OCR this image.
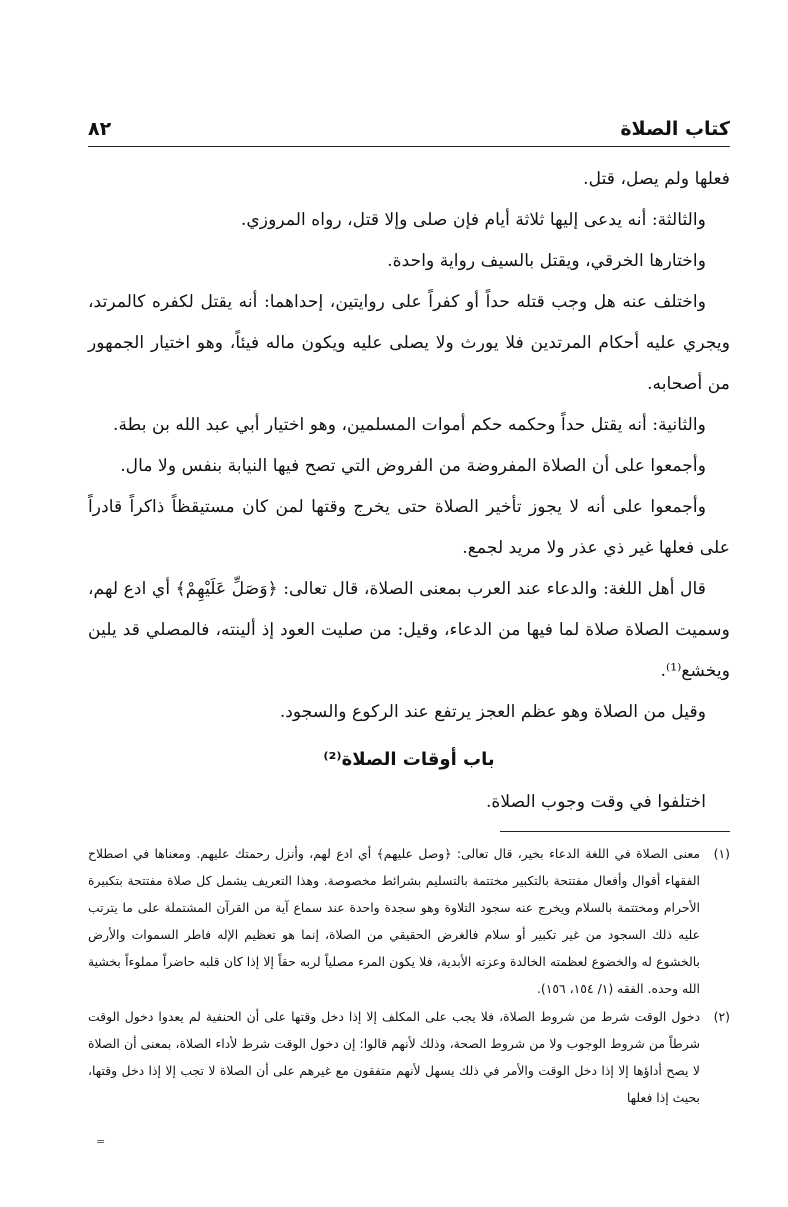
كتاب الصلاة
٨٢

فعلها ولم يصل، قتل.

والثالثة: أنه يدعى إليها ثلاثة أيام فإن صلى وإلا قتل، رواه المروزي.

واختارها الخرقي، ويقتل بالسيف رواية واحدة.

واختلف عنه هل وجب قتله حداً أو كفراً على روايتين، إحداهما: أنه يقتل لكفره كالمرتد، ويجري عليه أحكام المرتدين فلا يورث ولا يصلى عليه ويكون ماله فيئاً، وهو اختيار الجمهور من أصحابه.

والثانية: أنه يقتل حداً وحكمه حكم أموات المسلمين، وهو اختيار أبي عبد الله بن بطة.

وأجمعوا على أن الصلاة المفروضة من الفروض التي تصح فيها النيابة بنفس ولا مال.

وأجمعوا على أنه لا يجوز تأخير الصلاة حتى يخرج وقتها لمن كان مستيقظاً ذاكراً قادراً على فعلها غير ذي عذر ولا مريد لجمع.

قال أهل اللغة: والدعاء عند العرب بمعنى الصلاة، قال تعالى: ﴿وَصَلِّ عَلَيْهِمْ﴾ أي ادع لهم، وسميت الصلاة صلاة لما فيها من الدعاء، وقيل: من صليت العود إذ ألينته، فالمصلي قد يلين ويخشع⁽¹⁾.

وقيل من الصلاة وهو عظم العجز يرتفع عند الركوع والسجود.

باب أوقات الصلاة⁽²⁾

اختلفوا في وقت وجوب الصلاة.

(١)
معنى الصلاة في اللغة الدعاء بخير، قال تعالى: ﴿وصل عليهم﴾ أي ادع لهم، وأنزل رحمتك عليهم. ومعناها في اصطلاح الفقهاء أقوال وأفعال مفتتحة بالتكبير مختتمة بالتسليم بشرائط مخصوصة. وهذا التعريف يشمل كل صلاة مفتتحة بتكبيرة الأحرام ومختتمة بالسلام ويخرج عنه سجود التلاوة وهو سجدة واحدة عند سماع آية من القرآن المشتملة على ما يترتب عليه ذلك السجود من غير تكبير أو سلام فالغرض الحقيقي من الصلاة، إنما هو تعظيم الإله فاطر السموات والأرض بالخشوع له والخضوع لعظمته الخالدة وعزته الأبدية، فلا يكون المرء مصلياً لربه حقاً إلا إذا كان قلبه حاضراً مملوءاً بخشية الله وحده. الفقه (١/ ١٥٤، ١٥٦).
(٢)
دخول الوقت شرط من شروط الصلاة، فلا يجب على المكلف إلا إذا دخل وقتها على أن الحنفية لم يعدوا دخول الوقت شرطاً من شروط الوجوب ولا من شروط الصحة، وذلك لأنهم قالوا: إن دخول الوقت شرط لأداء الصلاة، بمعنى أن الصلاة لا يصح أداؤها إلا إذا دخل الوقت والأمر في ذلك يسهل لأنهم متفقون مع غيرهم على أن الصلاة لا تجب إلا إذا دخل وقتها، بحيث إذا فعلها
=
